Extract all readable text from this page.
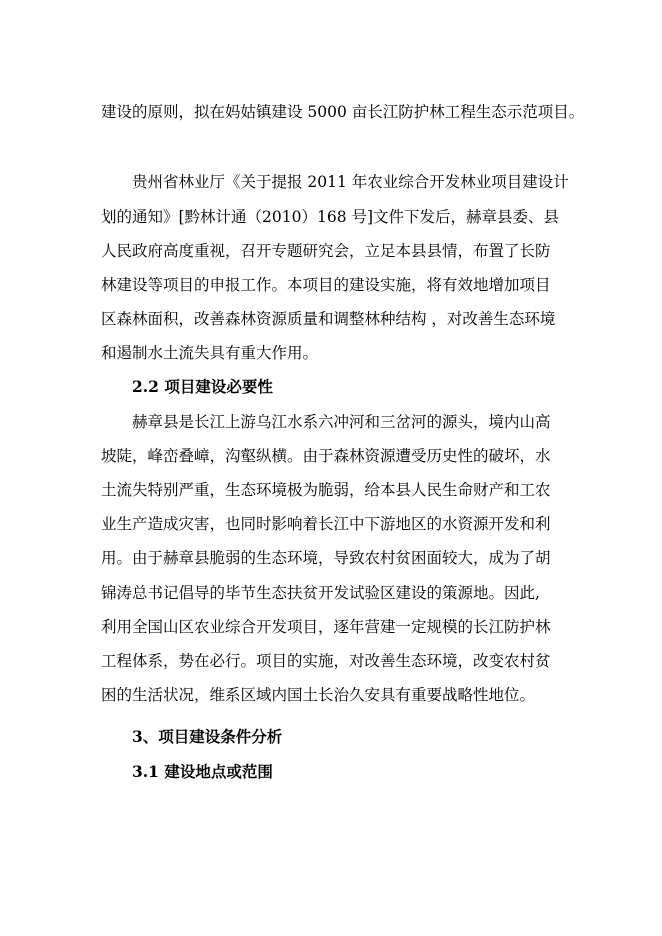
建设的原则，拟在妈姑镇建设 5000 亩长江防护林工程生态示范项目。
贵州省林业厅《关于提报 2011 年农业综合开发林业项目建设计
划的通知》[黔林计通（2010）168 号]文件下发后，赫章县委、县
人民政府高度重视，召开专题研究会，立足本县县情，布置了长防
林建设等项目的申报工作。本项目的建设实施，将有效地增加项目
区森林面积，改善森林资源质量和调整林种结构 ，对改善生态环境
和遏制水土流失具有重大作用。
2.2 项目建设必要性
赫章县是长江上游乌江水系六冲河和三岔河的源头，境内山高
坡陡，峰峦叠嶂，沟壑纵横。由于森林资源遭受历史性的破坏，水
土流失特别严重，生态环境极为脆弱，给本县人民生命财产和工农
业生产造成灾害，也同时影响着长江中下游地区的水资源开发和利
用。由于赫章县脆弱的生态环境，导致农村贫困面较大，成为了胡
锦涛总书记倡导的毕节生态扶贫开发试验区建设的策源地。因此,
利用全国山区农业综合开发项目，逐年营建一定规模的长江防护林
工程体系，势在必行。项目的实施，对改善生态环境，改变农村贫
困的生活状况，维系区域内国土长治久安具有重要战略性地位。
3、项目建设条件分析
3.1 建设地点或范围
